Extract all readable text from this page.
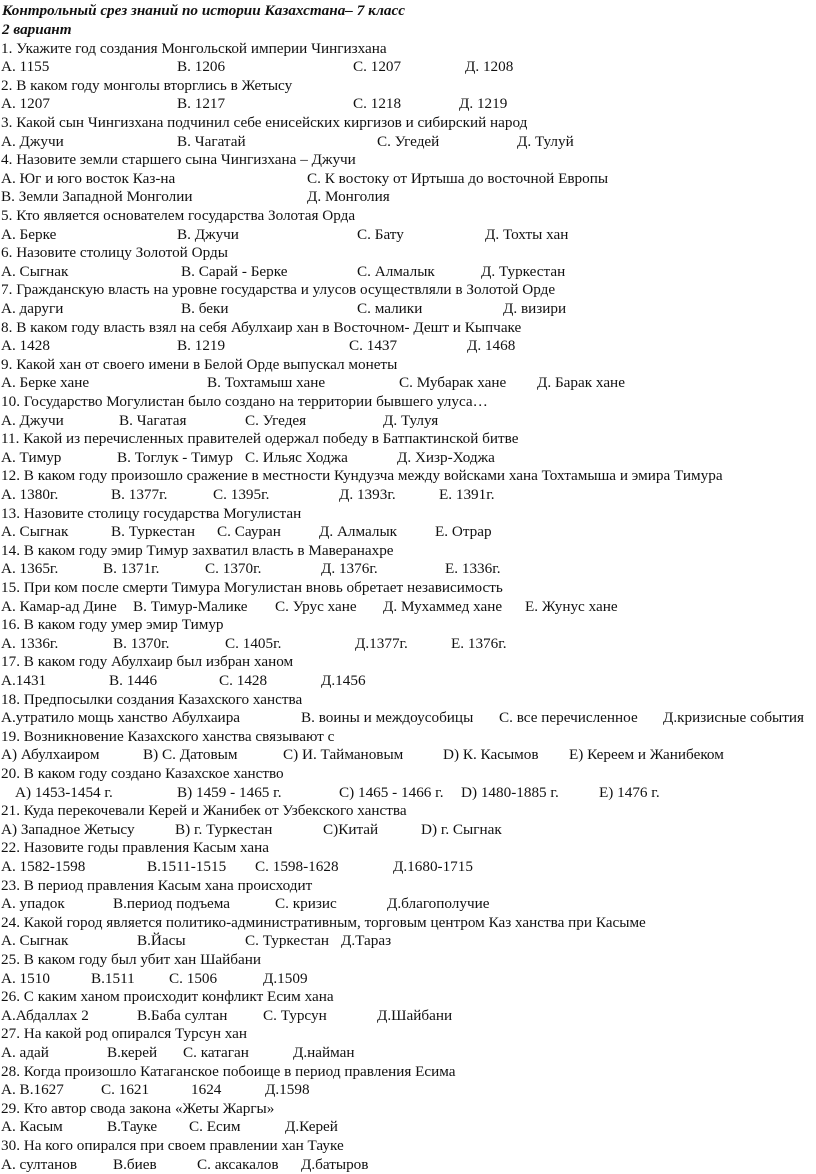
Контрольный срез знаний по истории Казахстана– 7 класс
2 вариант
1. Укажите год создания Монгольской империи Чингизхана
А. 1155	В. 1206	С. 1207	Д. 1208
2. В каком году монголы вторглись в Жетысу
А. 1207	В. 1217	С. 1218	Д. 1219
3. Какой сын Чингизхана подчинил себе енисейских киргизов и сибирский народ
А. Джучи	В. Чагатай	С. Угедей	Д. Тулуй
4. Назовите земли старшего сына Чингизхана – Джучи
А. Юг и юго восток Каз-на	С. К востоку от Иртыша до восточной Европы
В. Земли Западной Монголии	Д. Монголия
5. Кто является основателем государства Золотая Орда
А. Берке	В. Джучи	С. Бату	Д. Тохты хан
6. Назовите столицу Золотой Орды
А. Сыгнак	В. Сарай - Берке	С. Алмалык	Д. Туркестан
7. Гражданскую власть на уровне государства и улусов осуществляли в Золотой Орде
А. даруги	В. беки	С. малики	Д. визири
8. В каком году власть взял на себя Абулхаир хан в Восточном- Дешт и Кыпчаке
А. 1428	В. 1219	С. 1437	Д. 1468
9. Какой хан от своего имени в Белой Орде выпускал монеты
А. Берке хане	В. Тохтамыш хане	С. Мубарак хане Д. Барак хане
10. Государство Могулистан было создано на территории бывшего улуса…
А. Джучи	В. Чагатая	С. Угедея	Д. Тулуя
11. Какой из перечисленных правителей одержал победу в Батпактинской битве
А. Тимур	В. Тоглук - Тимур С. Ильяс Ходжа	Д. Хизр-Ходжа
12. В каком году произошло сражение в местности Кундузча между войсками хана Тохтамыша и эмира Тимура
А. 1380г.	В. 1377г.	С. 1395г.	Д. 1393г.	Е. 1391г.
13. Назовите столицу государства Могулистан
А. Сыгнак	В. Туркестан С. Сауран	Д. Алмалык Е. Отрар
14. В каком году эмир Тимур захватил власть в Маверанахре
А. 1365г.	В. 1371г.	С. 1370г.	Д. 1376г.	Е. 1336г.
15. При ком после смерти Тимура Могулистан вновь обретает независимость
А. Камар-ад Дине В. Тимур-Малике С. Урус хане Д. Мухаммед хане Е. Жунус хане
16. В каком году умер эмир Тимур
А. 1336г.	В. 1370г.	С. 1405г.	Д.1377г.	Е. 1376г.
17. В каком году Абулхаир был избран ханом
А.1431	В. 1446	С. 1428	Д.1456
18. Предпосылки создания Казахского ханства
А.утратило мощь ханство Абулхаира	В. воины и междоусобицы С. все перечисленное Д.кризисные события
19. Возникновение Казахского ханства связывают с
А) Абулхаиром	В) С. Датовым	С) И. Таймановым	D) К. Касымов Е) Кереем и Жанибеком
20. В каком году создано Казахское ханство
А) 1453-1454 г.	В) 1459 - 1465 г.	С) 1465 - 1466 г. D) 1480-1885 г.	Е) 1476 г.
21. Куда перекочевали Керей и Жанибек от Узбекского ханства
А) Западное Жетысу	В) г. Туркестан	С)Китай	D) г. Сыгнак
22. Назовите годы правления Касым хана
А. 1582-1598	В.1511-1515 С. 1598-1628	Д.1680-1715
23. В период правления Касым хана происходит
А. упадок	В.период подъема	С. кризис	Д.благополучие
24. Какой город является политико-административным, торговым центром Каз ханства при Касыме
А. Сыгнак	В.Йасы	С. Туркестан Д.Тараз
25. В каком году был убит хан Шайбани
А. 1510	В.1511 С. 1506	Д.1509
26. С каким ханом происходит конфликт Есим хана
А.Абдаллах 2	В.Баба султан С. Турсун	Д.Шайбани
27. На какой род опирался Турсун хан
А. адай	В.керей С. катаган	Д.найман
28. Когда произошло Катаганское побоище в период правления Есима
А. В.1627 С. 1621	1624	Д.1598
29. Кто автор свода закона «Жеты Жаргы»
А. Касым	В.Тауке С. Есим	Д.Керей
30. На кого опирался при своем правлении хан Тауке
А. султанов В.биев	С. аксакалов Д.батыров
